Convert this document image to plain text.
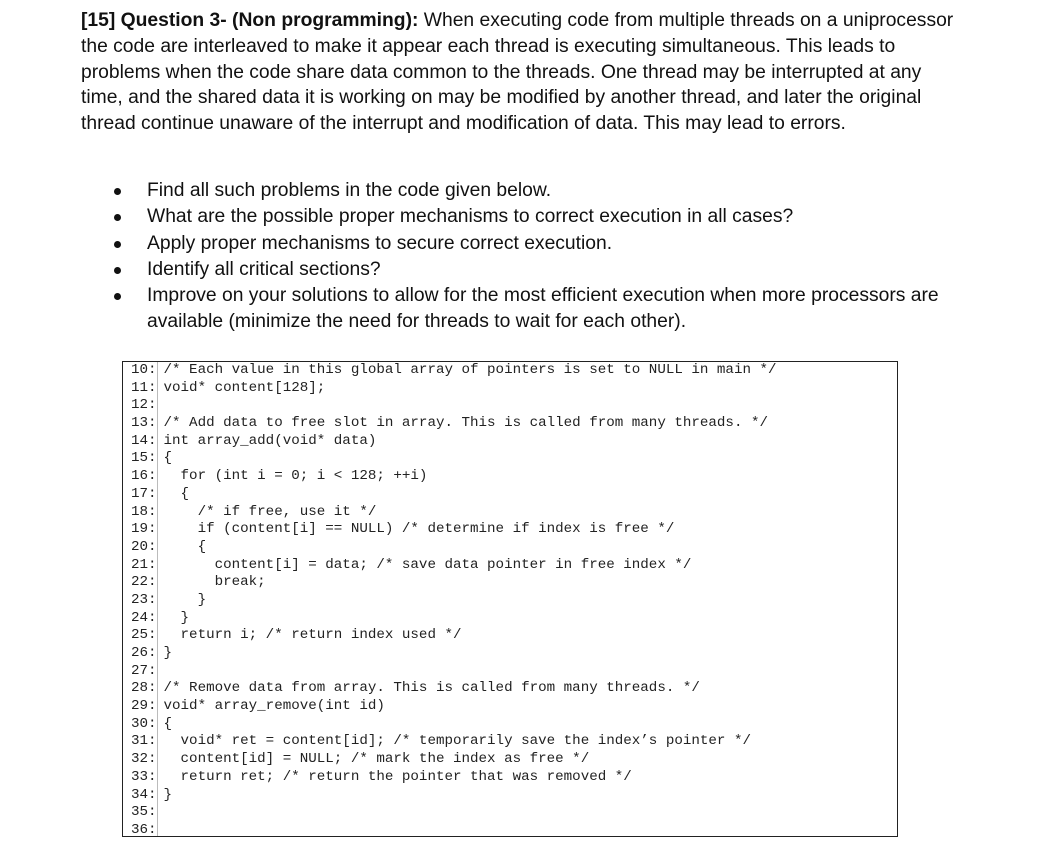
[15] Question 3- (Non programming): When executing code from multiple threads on a uniprocessor the code are interleaved to make it appear each thread is executing simultaneous. This leads to problems when the code share data common to the threads. One thread may be interrupted at any time, and the shared data it is working on may be modified by another thread, and later the original thread continue unaware of the interrupt and modification of data. This may lead to errors.

Find all such problems in the code given below.
What are the possible proper mechanisms to correct execution in all cases?
Apply proper mechanisms to secure correct execution.
Identify all critical sections?
Improve on your solutions to allow for the most efficient execution when more processors are available (minimize the need for threads to wait for each other).
10: /* Each value in this global array of pointers is set to NULL in main */
11: void* content[128];
12:
13: /* Add data to free slot in array. This is called from many threads. */
14: int array_add(void* data)
15: {
16:   for (int i = 0; i < 128; ++i)
17:   {
18:     /* if free, use it */
19:     if (content[i] == NULL) /* determine if index is free */
20:     {
21:       content[i] = data; /* save data pointer in free index */
22:       break;
23:     }
24:   }
25:   return i; /* return index used */
26: }
27:
28: /* Remove data from array. This is called from many threads. */
29: void* array_remove(int id)
30: {
31:   void* ret = content[id]; /* temporarily save the index’s pointer */
32:   content[id] = NULL; /* mark the index as free */
33:   return ret; /* return the pointer that was removed */
34: }
35:
36:
